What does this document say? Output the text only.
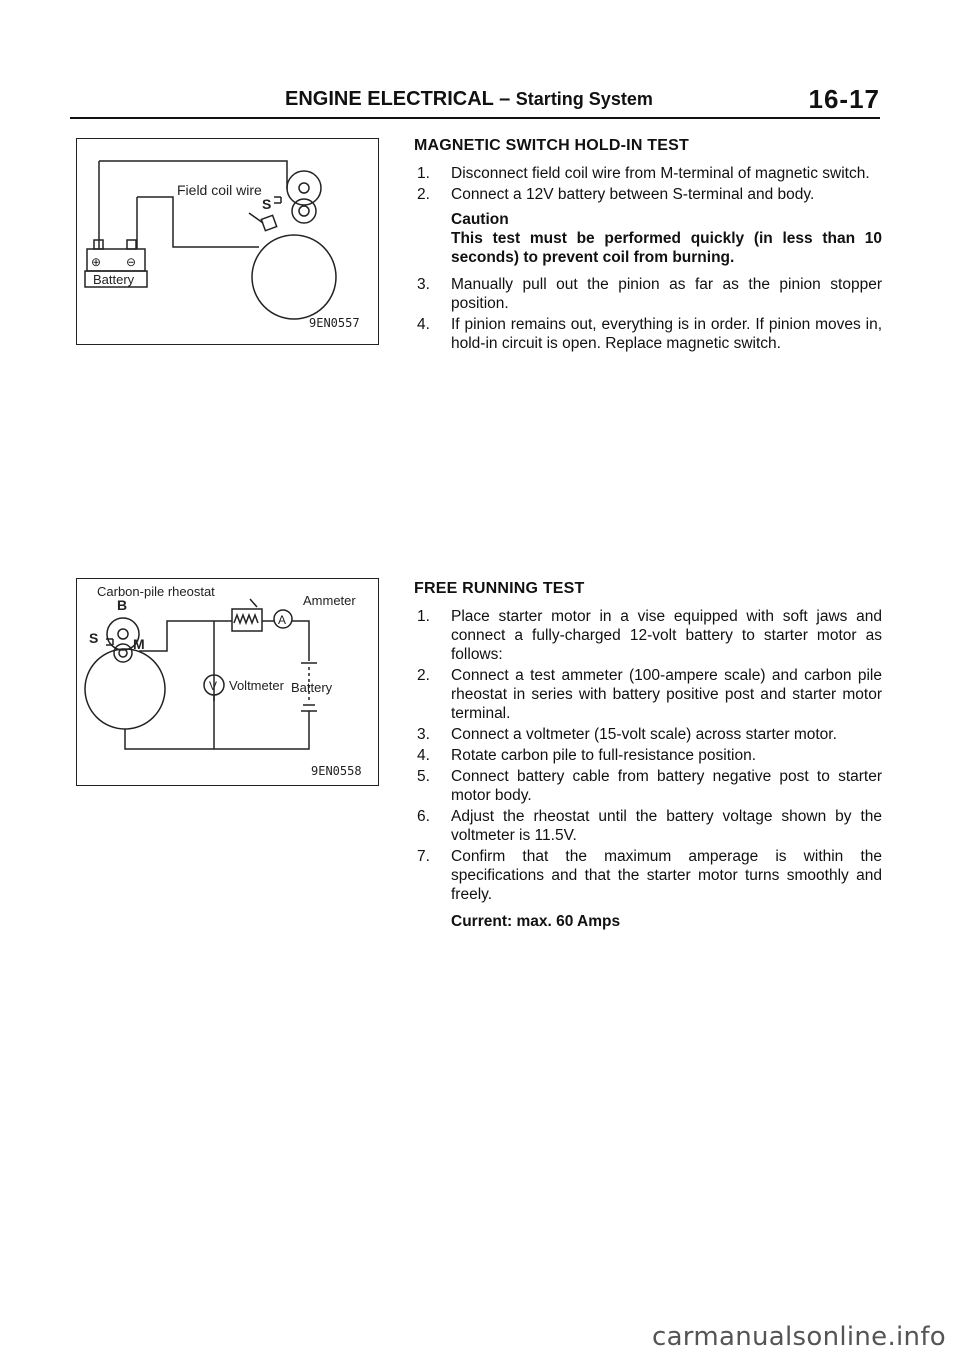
ENGINE ELECTRICAL – Starting System	16-17
Field coil wire
S
⊕ ⊖
Battery
9EN0557
Carbon-pile rheostat
Ammeter
A
B
S M
V Voltmeter Battery
9EN0558
MAGNETIC SWITCH HOLD-IN TEST
1.	Disconnect field coil wire from M-terminal of magnetic switch.
2.	Connect a 12V battery between S-terminal and body.
Caution
This test must be performed quickly (in less than 10 seconds) to prevent coil from burning.
3.	Manually pull out the pinion as far as the pinion stopper position.
4.	If pinion remains out, everything is in order. If pinion moves in, hold-in circuit is open. Replace magnetic switch.
FREE RUNNING TEST
1.	Place starter motor in a vise equipped with soft jaws and connect a fully-charged 12-volt battery to starter motor as follows:
2.	Connect a test ammeter (100-ampere scale) and carbon pile rheostat in series with battery positive post and starter motor terminal.
3.	Connect a voltmeter (15-volt scale) across starter motor.
4.	Rotate carbon pile to full-resistance position.
5.	Connect battery cable from battery negative post to starter motor body.
6.	Adjust the rheostat until the battery voltage shown by the voltmeter is 11.5V.
7.	Confirm that the maximum amperage is within the specifications and that the starter motor turns smoothly and freely.
Current: max. 60 Amps
carmanualsonline.info
